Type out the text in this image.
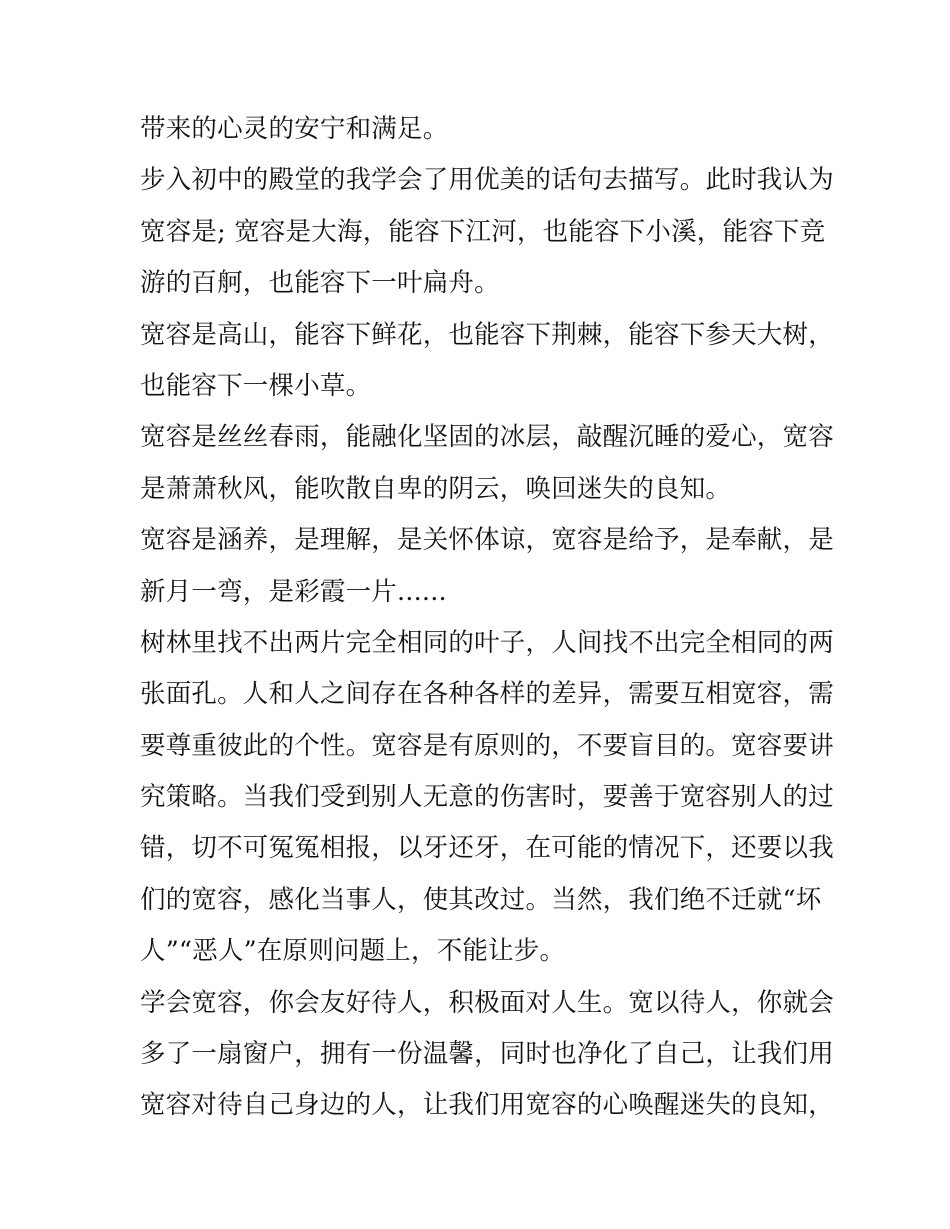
带来的心灵的安宁和满足。
步入初中的殿堂的我学会了用优美的话句去描写。此时我认为
宽容是; 宽容是大海，能容下江河，也能容下小溪，能容下竞
游的百舸，也能容下一叶扁舟。
宽容是高山，能容下鲜花，也能容下荆棘，能容下参天大树，
也能容下一棵小草。
宽容是丝丝春雨，能融化坚固的冰层，敲醒沉睡的爱心，宽容
是萧萧秋风，能吹散自卑的阴云，唤回迷失的良知。
宽容是涵养，是理解，是关怀体谅，宽容是给予，是奉献，是
新月一弯，是彩霞一片......
树林里找不出两片完全相同的叶子，人间找不出完全相同的两
张面孔。人和人之间存在各种各样的差异，需要互相宽容，需
要尊重彼此的个性。宽容是有原则的，不要盲目的。宽容要讲
究策略。当我们受到别人无意的伤害时，要善于宽容别人的过
错，切不可冤冤相报，以牙还牙，在可能的情况下，还要以我
们的宽容，感化当事人，使其改过。当然，我们绝不迁就“坏
人”“恶人”在原则问题上，不能让步。
学会宽容，你会友好待人，积极面对人生。宽以待人，你就会
多了一扇窗户，拥有一份温馨，同时也净化了自己，让我们用
宽容对待自己身边的人，让我们用宽容的心唤醒迷失的良知，
